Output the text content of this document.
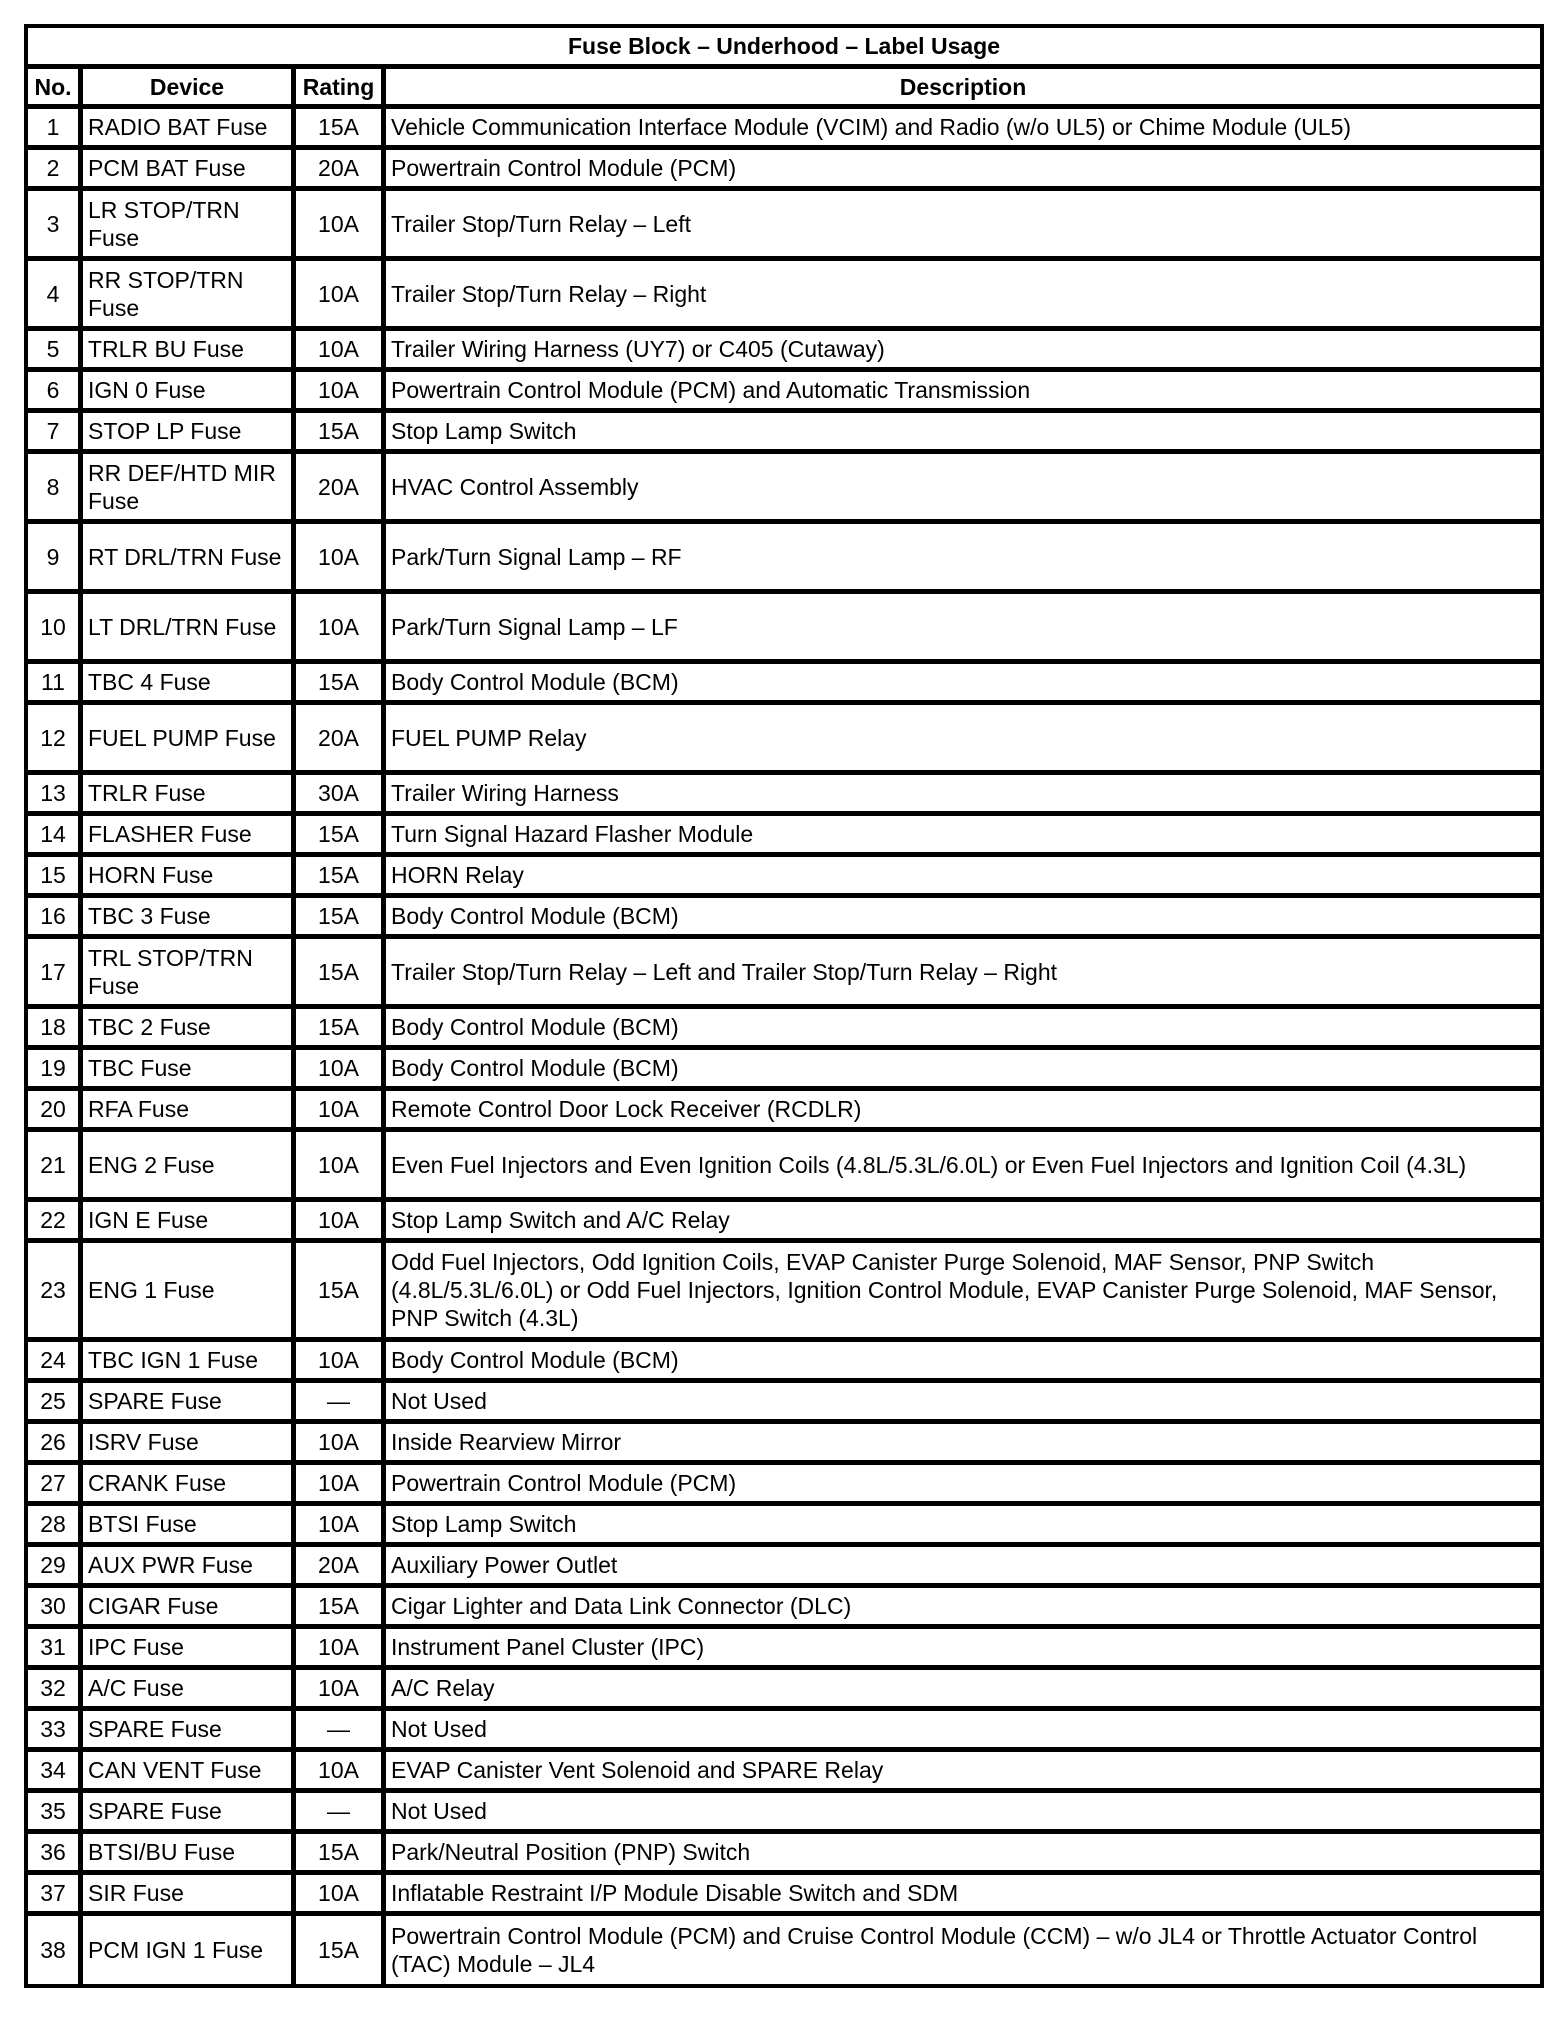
Fuse Block – Underhood – Label Usage			
No.	Device	Rating	Description
1	RADIO BAT Fuse	15A	Vehicle Communication Interface Module (VCIM) and Radio (w/o UL5) or Chime Module (UL5)
2	PCM BAT Fuse	20A	Powertrain Control Module (PCM)
3	LR STOP/TRN Fuse	10A	Trailer Stop/Turn Relay – Left
4	RR STOP/TRN Fuse	10A	Trailer Stop/Turn Relay – Right
5	TRLR BU Fuse	10A	Trailer Wiring Harness (UY7) or C405 (Cutaway)
6	IGN 0 Fuse	10A	Powertrain Control Module (PCM) and Automatic Transmission
7	STOP LP Fuse	15A	Stop Lamp Switch
8	RR DEF/HTD MIR Fuse	20A	HVAC Control Assembly
9	RT DRL/TRN Fuse	10A	Park/Turn Signal Lamp – RF
10	LT DRL/TRN Fuse	10A	Park/Turn Signal Lamp – LF
11	TBC 4 Fuse	15A	Body Control Module (BCM)
12	FUEL PUMP Fuse	20A	FUEL PUMP Relay
13	TRLR Fuse	30A	Trailer Wiring Harness
14	FLASHER Fuse	15A	Turn Signal Hazard Flasher Module
15	HORN Fuse	15A	HORN Relay
16	TBC 3 Fuse	15A	Body Control Module (BCM)
17	TRL STOP/TRN Fuse	15A	Trailer Stop/Turn Relay – Left and Trailer Stop/Turn Relay – Right
18	TBC 2 Fuse	15A	Body Control Module (BCM)
19	TBC Fuse	10A	Body Control Module (BCM)
20	RFA Fuse	10A	Remote Control Door Lock Receiver (RCDLR)
21	ENG 2 Fuse	10A	Even Fuel Injectors and Even Ignition Coils (4.8L/5.3L/6.0L) or Even Fuel Injectors and Ignition Coil (4.3L)
22	IGN E Fuse	10A	Stop Lamp Switch and A/C Relay
23	ENG 1 Fuse	15A	Odd Fuel Injectors, Odd Ignition Coils, EVAP Canister Purge Solenoid, MAF Sensor, PNP Switch (4.8L/5.3L/6.0L) or Odd Fuel Injectors, Ignition Control Module, EVAP Canister Purge Solenoid, MAF Sensor, PNP Switch (4.3L)
24	TBC IGN 1 Fuse	10A	Body Control Module (BCM)
25	SPARE Fuse	—	Not Used
26	ISRV Fuse	10A	Inside Rearview Mirror
27	CRANK Fuse	10A	Powertrain Control Module (PCM)
28	BTSI Fuse	10A	Stop Lamp Switch
29	AUX PWR Fuse	20A	Auxiliary Power Outlet
30	CIGAR Fuse	15A	Cigar Lighter and Data Link Connector (DLC)
31	IPC Fuse	10A	Instrument Panel Cluster (IPC)
32	A/C Fuse	10A	A/C Relay
33	SPARE Fuse	—	Not Used
34	CAN VENT Fuse	10A	EVAP Canister Vent Solenoid and SPARE Relay
35	SPARE Fuse	—	Not Used
36	BTSI/BU Fuse	15A	Park/Neutral Position (PNP) Switch
37	SIR Fuse	10A	Inflatable Restraint I/P Module Disable Switch and SDM
38	PCM IGN 1 Fuse	15A	Powertrain Control Module (PCM) and Cruise Control Module (CCM) – w/o JL4 or Throttle Actuator Control (TAC) Module – JL4
